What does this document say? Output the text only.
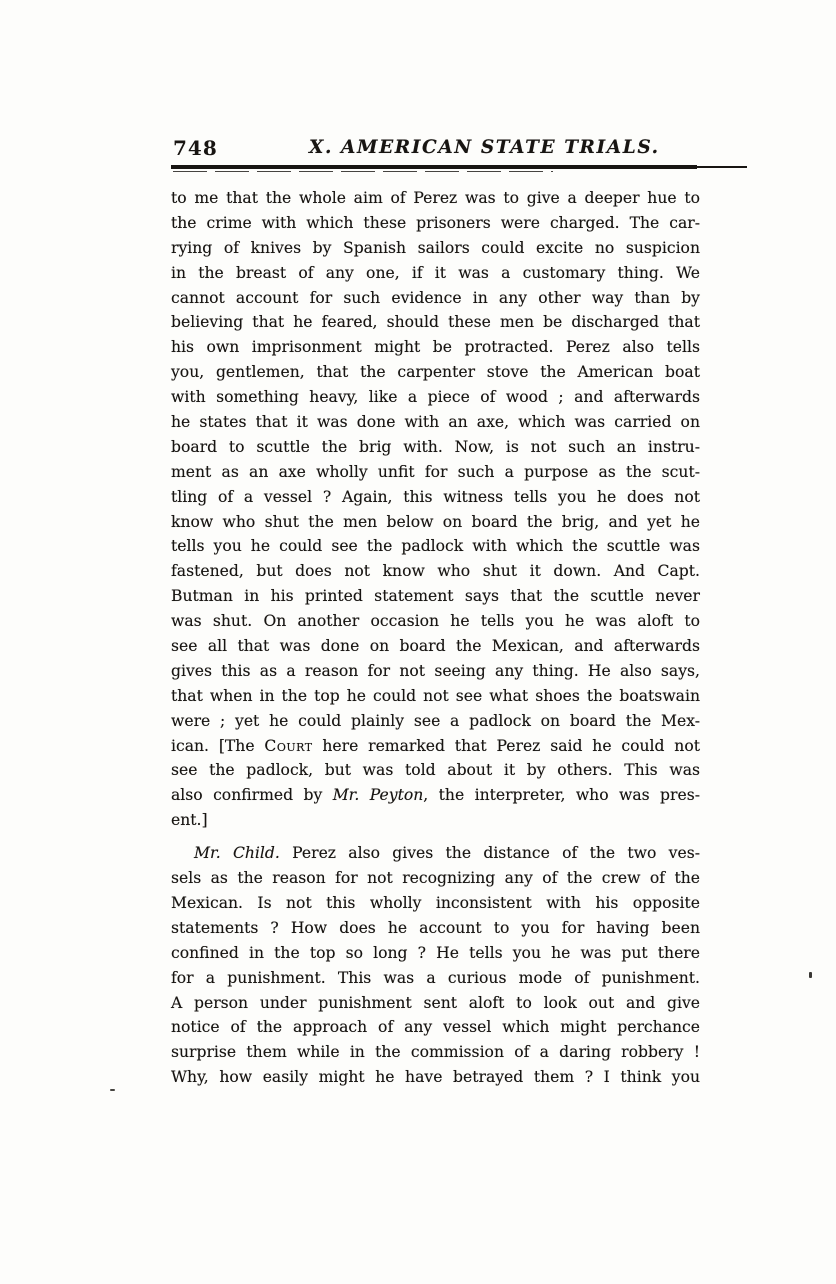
748	X. AMERICAN STATE TRIALS.
to me that the whole aim of Perez was to give a deeper hue to
the crime with which these prisoners were charged. The car-
rying of knives by Spanish sailors could excite no suspicion
in the breast of any one, if it was a customary thing. We
cannot account for such evidence in any other way than by
believing that he feared, should these men be discharged that
his own imprisonment might be protracted. Perez also tells
you, gentlemen, that the carpenter stove the American boat
with something heavy, like a piece of wood ; and afterwards
he states that it was done with an axe, which was carried on
board to scuttle the brig with. Now, is not such an instru-
ment as an axe wholly unfit for such a purpose as the scut-
tling of a vessel ? Again, this witness tells you he does not
know who shut the men below on board the brig, and yet he
tells you he could see the padlock with which the scuttle was
fastened, but does not know who shut it down. And Capt.
Butman in his printed statement says that the scuttle never
was shut. On another occasion he tells you he was aloft to
see all that was done on board the Mexican, and afterwards
gives this as a reason for not seeing any thing. He also says,
that when in the top he could not see what shoes the boatswain
were ; yet he could plainly see a padlock on board the Mex-
ican. [The Court here remarked that Perez said he could not
see the padlock, but was told about it by others. This was
also confirmed by Mr. Peyton, the interpreter, who was pres-
ent.]
Mr. Child. Perez also gives the distance of the two ves-
sels as the reason for not recognizing any of the crew of the
Mexican. Is not this wholly inconsistent with his opposite
statements ? How does he account to you for having been
confined in the top so long ? He tells you he was put there
for a punishment. This was a curious mode of punishment.
A person under punishment sent aloft to look out and give
notice of the approach of any vessel which might perchance
surprise them while in the commission of a daring robbery !
Why, how easily might he have betrayed them ? I think you
